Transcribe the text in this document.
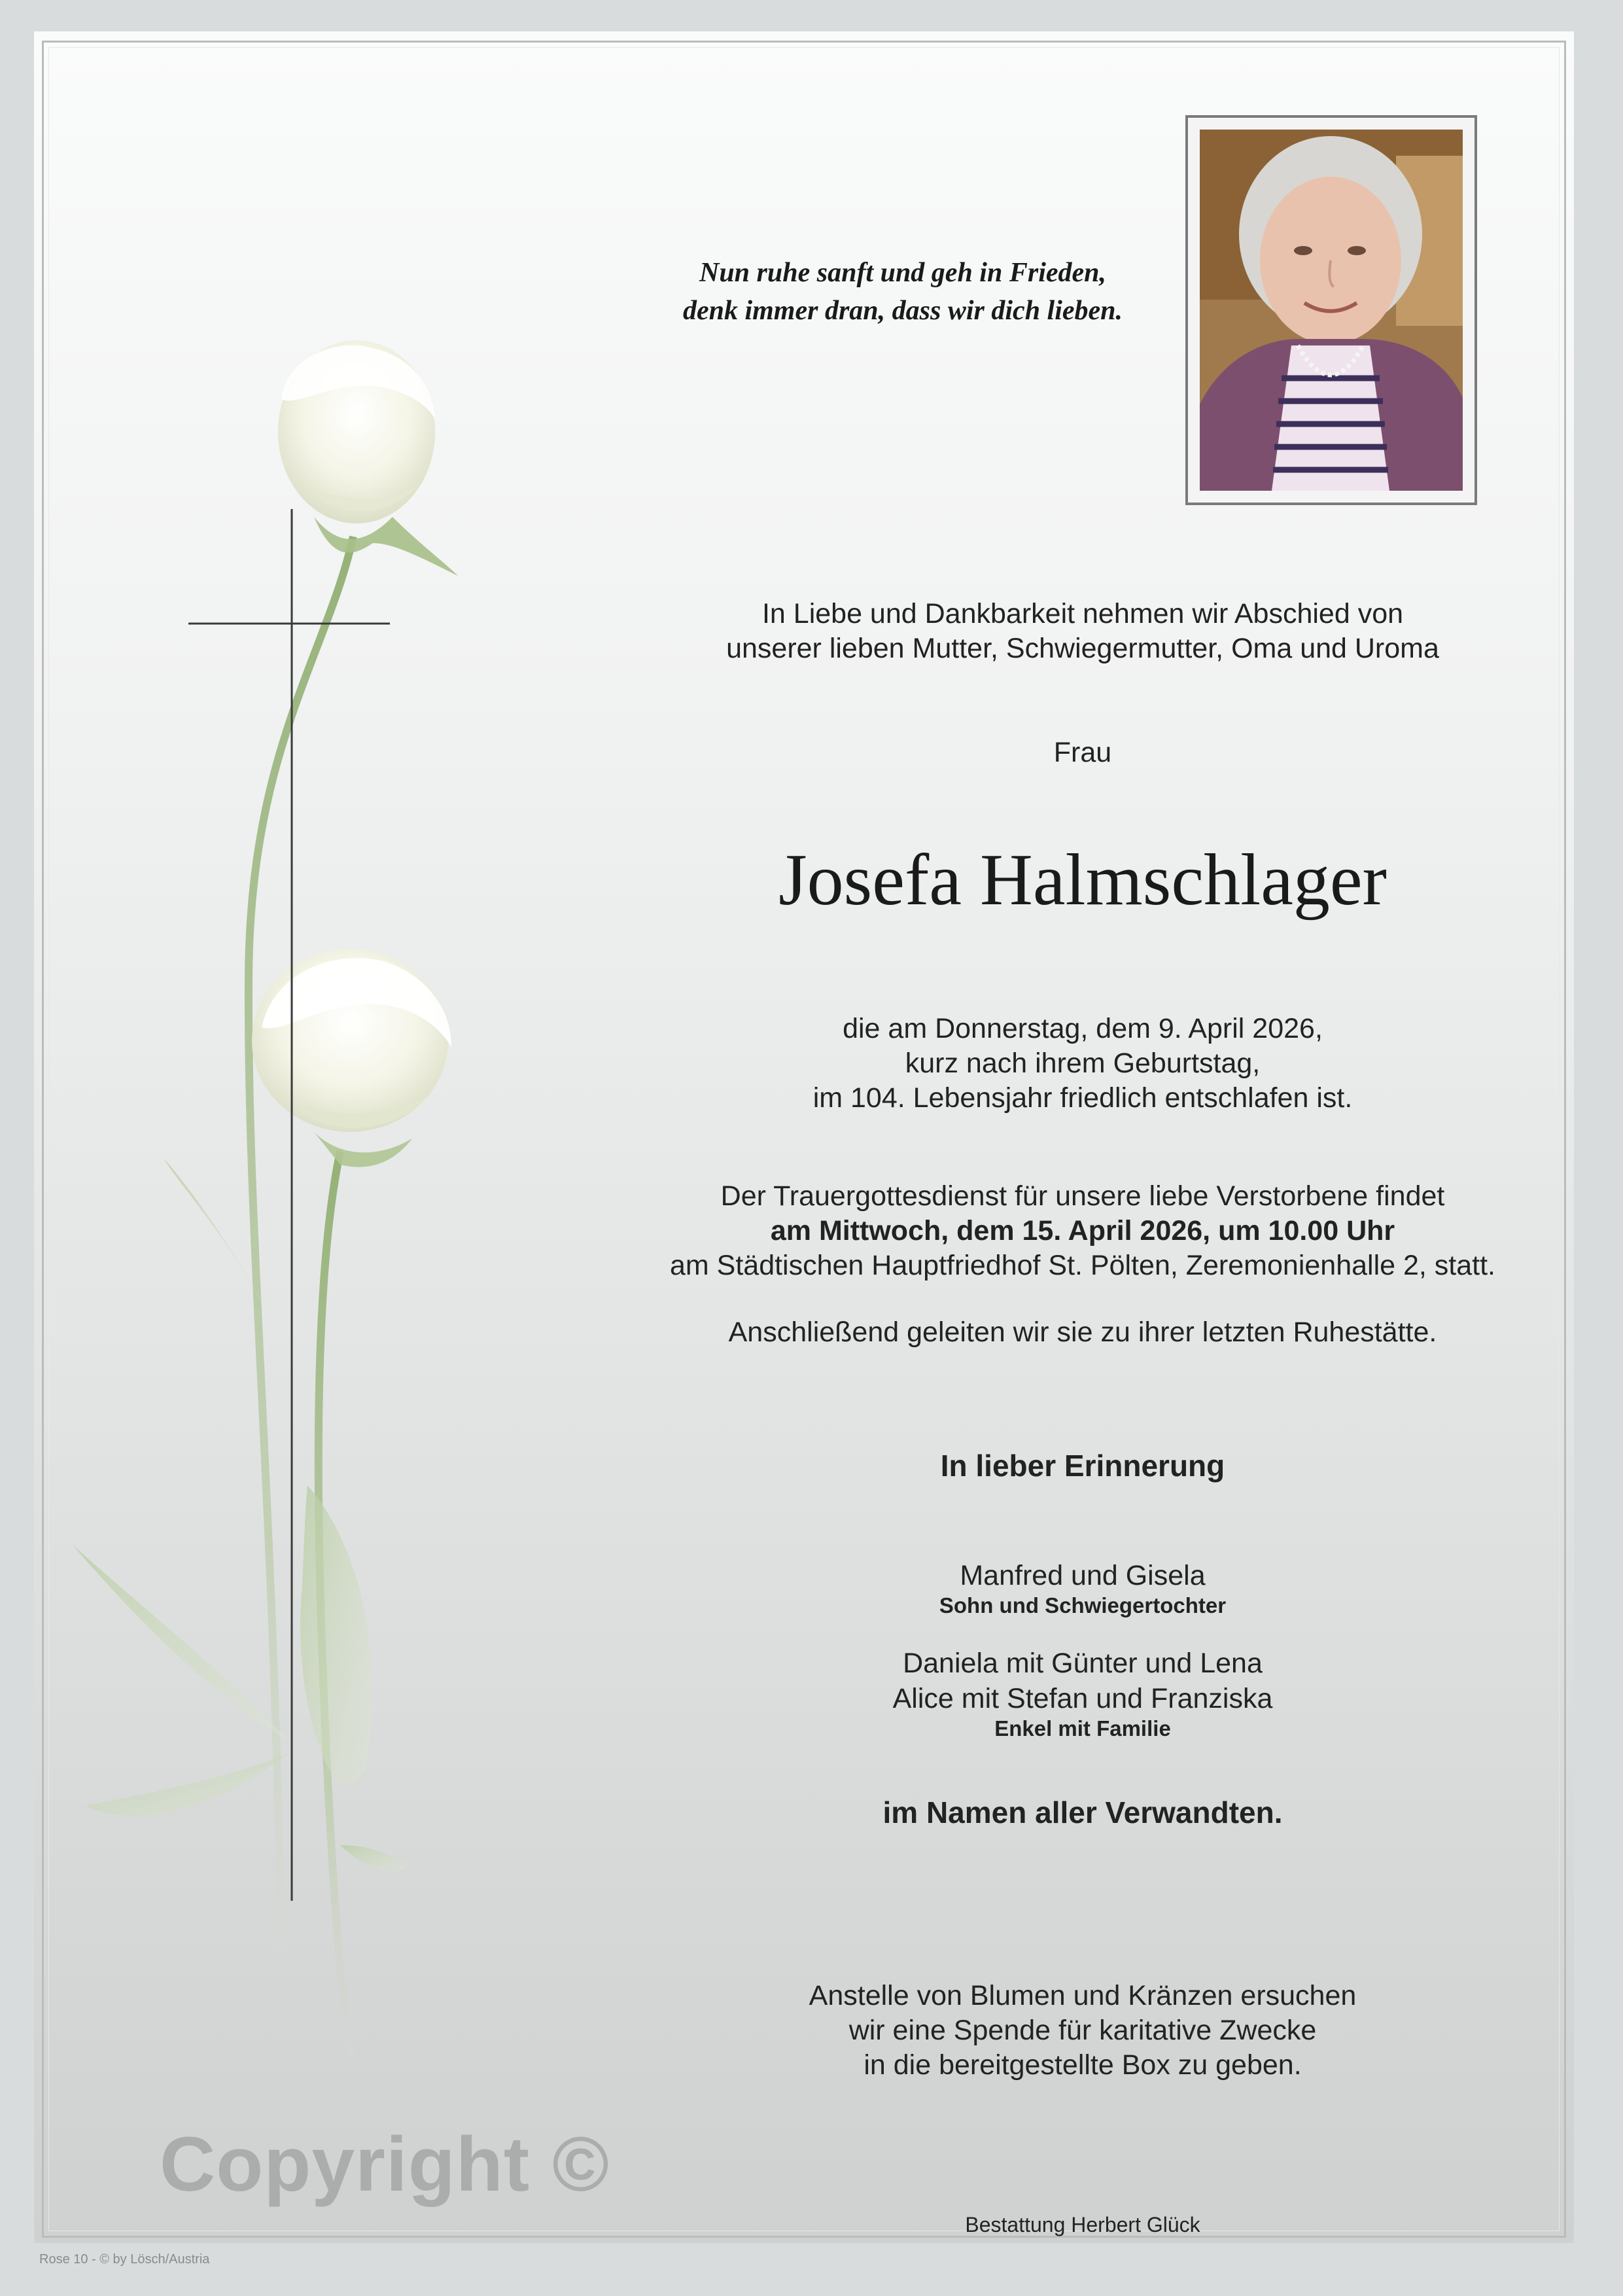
Nun ruhe sanft und geh in Frieden,
denk immer dran, dass wir dich lieben.
In Liebe und Dankbarkeit nehmen wir Abschied von
unserer lieben Mutter, Schwiegermutter, Oma und Uroma
Frau
Josefa Halmschlager
die am Donnerstag, dem 9. April 2026,
kurz nach ihrem Geburtstag,
im 104. Lebensjahr friedlich entschlafen ist.
Der Trauergottesdienst für unsere liebe Verstorbene findet
am Mittwoch, dem 15. April 2026, um 10.00 Uhr
am Städtischen Hauptfriedhof St. Pölten, Zeremonienhalle 2, statt.
Anschließend geleiten wir sie zu ihrer letzten Ruhestätte.
In lieber Erinnerung
Manfred und Gisela
Sohn und Schwiegertochter
Daniela mit Günter und Lena
Alice mit Stefan und Franziska
Enkel mit Familie
im Namen aller Verwandten.
Anstelle von Blumen und Kränzen ersuchen
wir eine Spende für karitative Zwecke
in die bereitgestellte Box zu geben.
Copyright ©
Bestattung Herbert Glück
Rose 10 - © by Lösch/Austria
